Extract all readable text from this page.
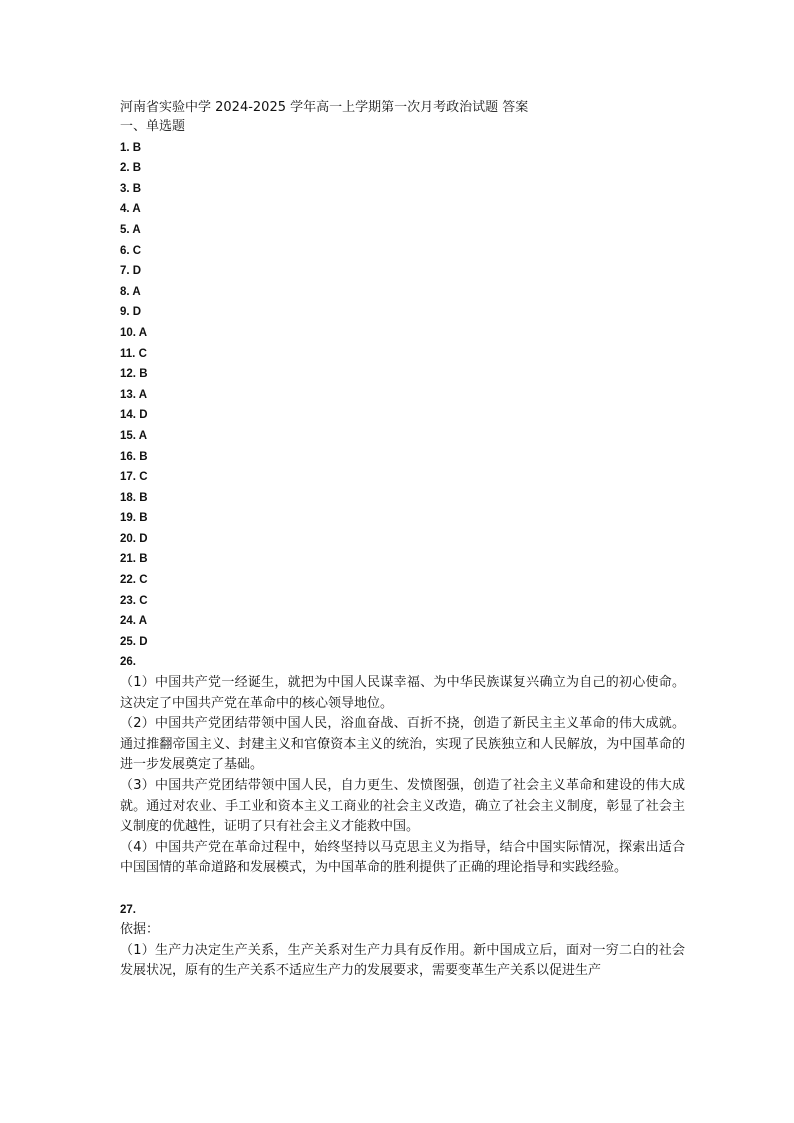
河南省实验中学 2024-2025 学年高一上学期第一次月考政治试题 答案
一、单选题
1. B
2. B
3. B
4. A
5. A
6. C
7. D
8. A
9. D
10. A
11. C
12. B
13. A
14. D
15. A
16. B
17. C
18. B
19. B
20. D
21. B
22. C
23. C
24. A
25. D
26.
（1）中国共产党一经诞生，就把为中国人民谋幸福、为中华民族谋复兴确立为自己的初心使命。这决定了中国共产党在革命中的核心领导地位。
（2）中国共产党团结带领中国人民，浴血奋战、百折不挠，创造了新民主主义革命的伟大成就。通过推翻帝国主义、封建主义和官僚资本主义的统治，实现了民族独立和人民解放，为中国革命的进一步发展奠定了基础。
（3）中国共产党团结带领中国人民，自力更生、发愤图强，创造了社会主义革命和建设的伟大成就。通过对农业、手工业和资本主义工商业的社会主义改造，确立了社会主义制度，彰显了社会主义制度的优越性，证明了只有社会主义才能救中国。
（4）中国共产党在革命过程中，始终坚持以马克思主义为指导，结合中国实际情况，探索出适合中国国情的革命道路和发展模式，为中国革命的胜利提供了正确的理论指导和实践经验。
27.
依据：
（1）生产力决定生产关系，生产关系对生产力具有反作用。新中国成立后，面对一穷二白的社会发展状况，原有的生产关系不适应生产力的发展要求，需要变革生产关系以促进生产
